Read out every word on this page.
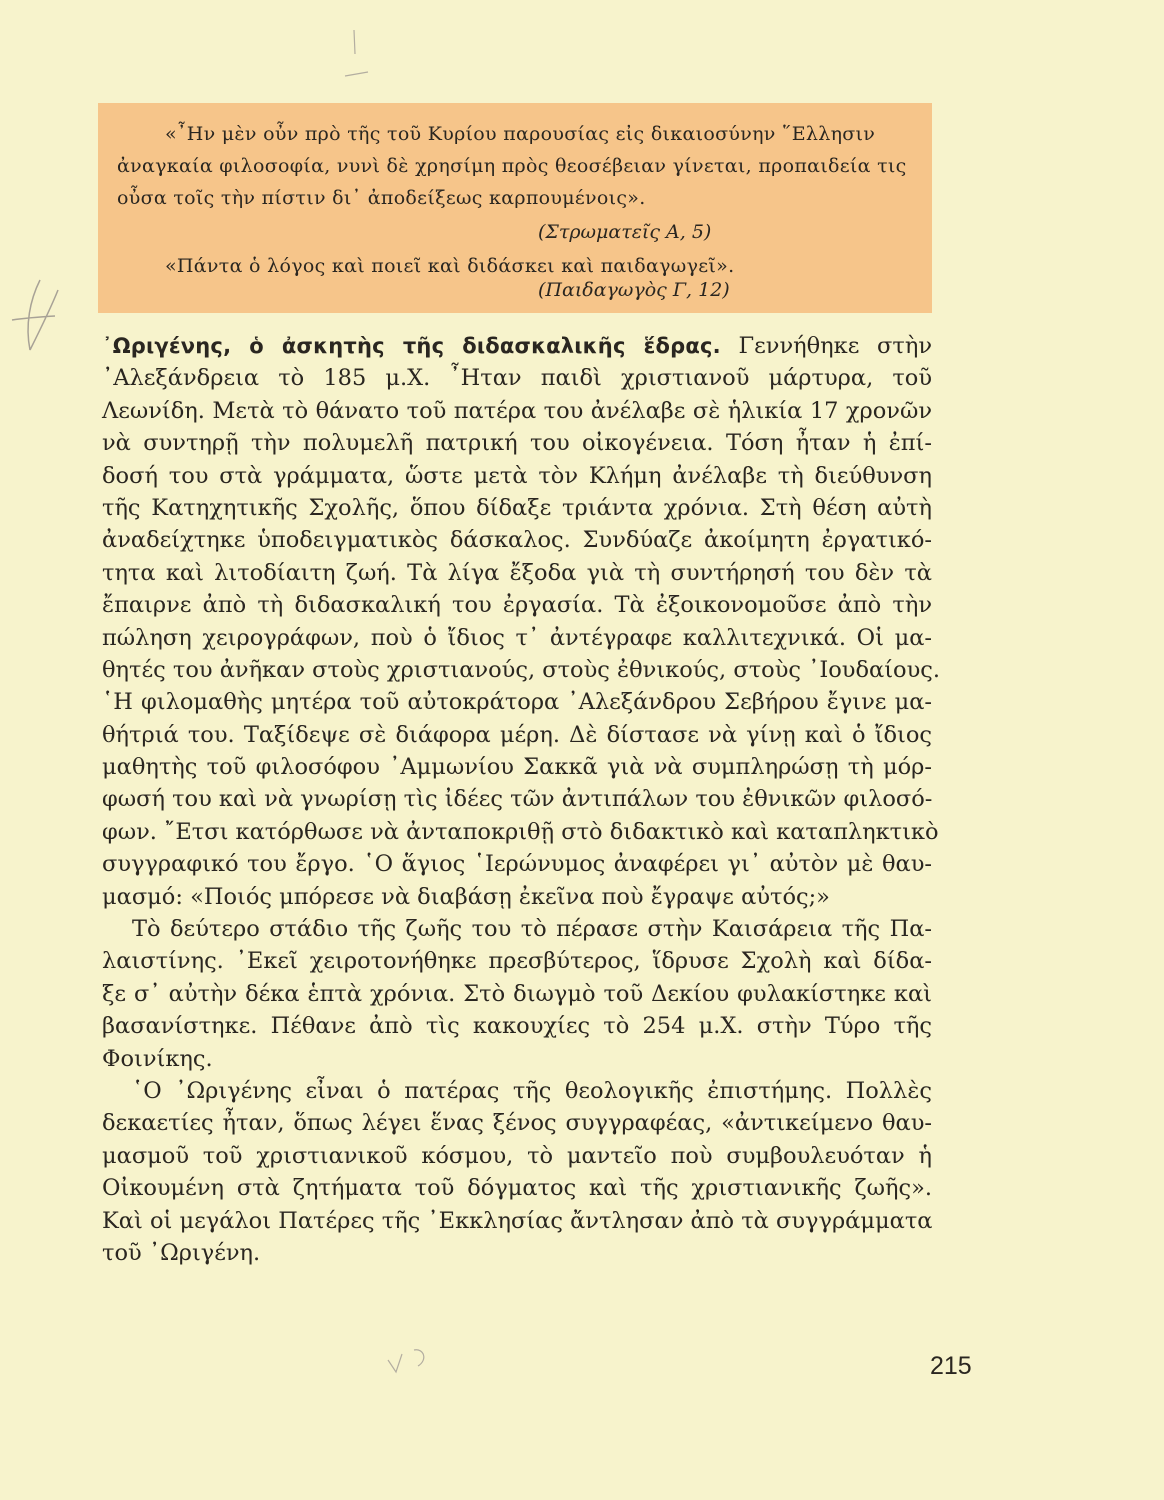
«῏Ην μὲν οὖν πρὸ τῆς τοῦ Κυρίου παρουσίας εἰς δικαιοσύνην ῞Ελλησιν
ἀναγκαία φιλοσοφία, νυνὶ δὲ χρησίμη πρὸς θεοσέβειαν γίνεται, προπαιδεία τις
οὖσα τοῖς τὴν πίστιν δι᾽ ἀποδείξεως καρπουμένοις».
(Στρωματεῖς Α, 5)
«Πάντα ὁ λόγος καὶ ποιεῖ καὶ διδάσκει καὶ παιδαγωγεῖ».
(Παιδαγωγὸς Γ, 12)
᾽Ωριγένης, ὁ ἀσκητὴς τῆς διδασκαλικῆς ἕδρας. Γεννήθηκε στὴν
᾽Αλεξάνδρεια τὸ 185 μ.Χ. ῏Ηταν παιδὶ χριστιανοῦ μάρτυρα, τοῦ
Λεωνίδη. Μετὰ τὸ θάνατο τοῦ πατέρα του ἀνέλαβε σὲ ἡλικία 17 χρονῶν
νὰ συντηρῇ τὴν πολυμελῆ πατρική του οἰκογένεια. Τόση ἦταν ἡ ἐπί-
δοσή του στὰ γράμματα, ὥστε μετὰ τὸν Κλήμη ἀνέλαβε τὴ διεύθυνση
τῆς Κατηχητικῆς Σχολῆς, ὅπου δίδαξε τριάντα χρόνια. Στὴ θέση αὐτὴ
ἀναδείχτηκε ὑποδειγματικὸς δάσκαλος. Συνδύαζε ἀκοίμητη ἐργατικό-
τητα καὶ λιτοδίαιτη ζωή. Τὰ λίγα ἔξοδα γιὰ τὴ συντήρησή του δὲν τὰ
ἔπαιρνε ἀπὸ τὴ διδασκαλική του ἐργασία. Τὰ ἐξοικονομοῦσε ἀπὸ τὴν
πώληση χειρογράφων, ποὺ ὁ ἴδιος τ᾽ ἀντέγραφε καλλιτεχνικά. Οἱ μα-
θητές του ἀνῆκαν στοὺς χριστιανούς, στοὺς ἐθνικούς, στοὺς ᾽Ιουδαίους.
῾Η φιλομαθὴς μητέρα τοῦ αὐτοκράτορα ᾽Αλεξάνδρου Σεβήρου ἔγινε μα-
θήτριά του. Ταξίδεψε σὲ διάφορα μέρη. Δὲ δίστασε νὰ γίνῃ καὶ ὁ ἴδιος
μαθητὴς τοῦ φιλοσόφου ᾽Αμμωνίου Σακκᾶ γιὰ νὰ συμπληρώσῃ τὴ μόρ-
φωσή του καὶ νὰ γνωρίσῃ τὶς ἰδέες τῶν ἀντιπάλων του ἐθνικῶν φιλοσό-
φων. ῎Ετσι κατόρθωσε νὰ ἀνταποκριθῇ στὸ διδακτικὸ καὶ καταπληκτικὸ
συγγραφικό του ἔργο. ῾Ο ἅγιος ῾Ιερώνυμος ἀναφέρει γι᾽ αὐτὸν μὲ θαυ-
μασμό: «Ποιός μπόρεσε νὰ διαβάσῃ ἐκεῖνα ποὺ ἔγραψε αὐτός;»
Τὸ δεύτερο στάδιο τῆς ζωῆς του τὸ πέρασε στὴν Καισάρεια τῆς Πα-
λαιστίνης. ᾽Εκεῖ χειροτονήθηκε πρεσβύτερος, ἵδρυσε Σχολὴ καὶ δίδα-
ξε σ᾽ αὐτὴν δέκα ἑπτὰ χρόνια. Στὸ διωγμὸ τοῦ Δεκίου φυλακίστηκε καὶ
βασανίστηκε. Πέθανε ἀπὸ τὶς κακουχίες τὸ 254 μ.Χ. στὴν Τύρο τῆς
Φοινίκης.
῾Ο ᾽Ωριγένης εἶναι ὁ πατέρας τῆς θεολογικῆς ἐπιστήμης. Πολλὲς
δεκαετίες ἦταν, ὅπως λέγει ἕνας ξένος συγγραφέας, «ἀντικείμενο θαυ-
μασμοῦ τοῦ χριστιανικοῦ κόσμου, τὸ μαντεῖο ποὺ συμβουλευόταν ἡ
Οἰκουμένη στὰ ζητήματα τοῦ δόγματος καὶ τῆς χριστιανικῆς ζωῆς».
Καὶ οἱ μεγάλοι Πατέρες τῆς ᾽Εκκλησίας ἄντλησαν ἀπὸ τὰ συγγράμματα
τοῦ ᾽Ωριγένη.
215
